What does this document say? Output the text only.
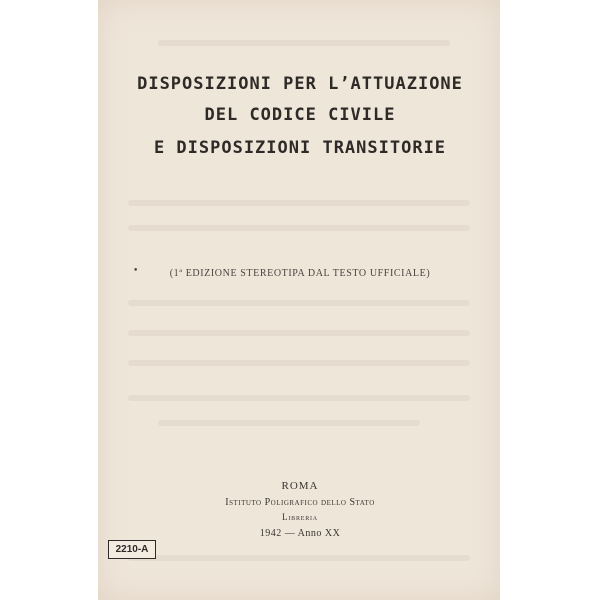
DISPOSIZIONI PER L’ATTUAZIONE
DEL CODICE CIVILE
E DISPOSIZIONI TRANSITORIE
•	(1ª EDIZIONE STEREOTIPA DAL TESTO UFFICIALE)
ROMA
Istituto Poligrafico dello Stato
Libreria
1942 — Anno XX
2210-A
